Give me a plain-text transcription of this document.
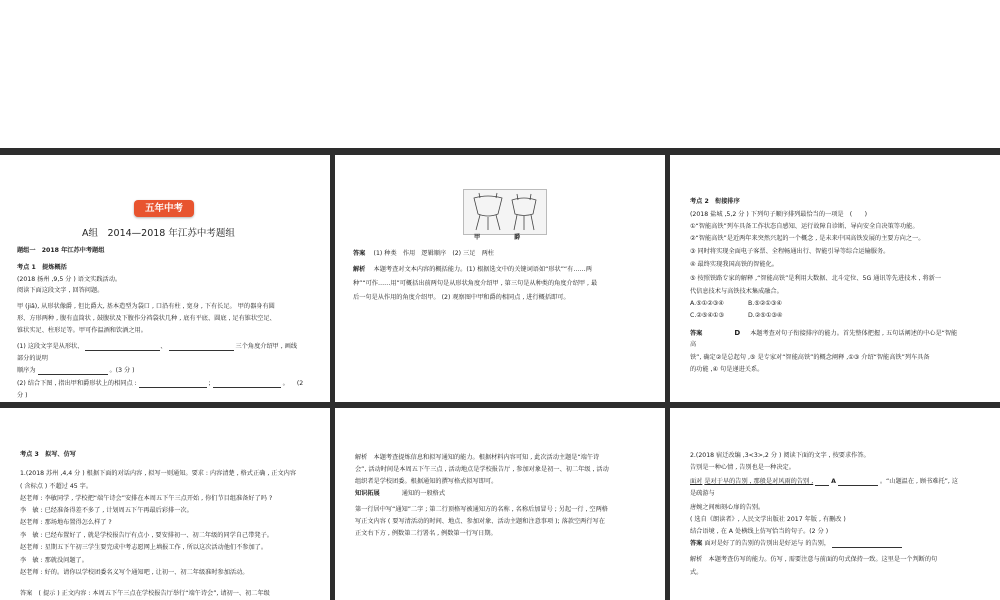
五年中考
A组　2014—2018 年江苏中考题组
题组一　2018 年江苏中考题组
考点 1　提炼概括
(2018 扬州 ,9,5 分 ) 语文实践活动。
阅读下面这段文字 , 回答问题。
甲 (jiǎ), 从形状像爵 , 但比爵大, 基本造型为袋口 , 口沿有柱 , 宽身 , 下有长足。 甲的器身有圆
形、方形两种 , 腹有直筒状 , 鼓腹状及下腹作分裆袋状几种 , 底有平底、圆底 , 足有锥状空足、
锥状实足、柱形足等。甲可作温酒和饮酒之用。
(1) 这段文字是从形状、	、	三个角度介绍甲 , 画线
部分的说明
顺序为	。(3 分 )
(2) 结合下图 , 指出甲和爵形状上的相同点 :	;	。 (2
分 )
甲	爵
答案　 (1) 种类　作用　逻辑顺序　(2) 三足　两柱
解析　 本题考查对文本内容的概括能力。(1) 根据选文中的关键词语如“形状”“有……两
种”“可作……用”可概括出前两句是从形状角度介绍甲 , 第三句是从种类的角度介绍甲 , 最
后一句是从作用的角度介绍甲。 (2) 观察图中甲和爵的相同点 , 进行概括即可。
考点 2　衔接排序
(2018 盐城 ,5,2 分 ) 下列句子顺序排列最恰当的一项是　(　　)
①“智能高铁”列车具备工作状态自感知、运行故障自诊断、导向安全自决策等功能。
②“智能高铁”是近两年来突然兴起的一个概念 , 是未来中国高铁发展的主要方向之一。
③ 同时将实现全面电子客票、全程畅通出行、智能引导等综合运输服务。
④ 最终实现我国高铁的智能化。
⑤ 按照铁路专家的解释 ,“智能高铁”是利用大数据、北斗定位、5G 通讯等先进技术 , 将新一
代信息技术与高铁技术集成融合。
A.⑤①②③④	B.⑤②①③④
C.②⑤④①③	D.②⑤①③④
答案	D 本题考查对句子衔接排序的能力。首先整体把握 , 五句话阐述的中心是“智能
高
铁”, 确定②是总起句 ,⑤ 是专家对“智能高铁”的概念阐释 ,①③ 介绍“智能高铁”列车具备
的功能 ,④ 句是递进关系。
考点 3　拟写、仿写
1.(2018 苏州 ,4,4 分 ) 根据下面的对话内容 , 拟写一则通知。要求 : 内容清楚 , 格式正确 , 正文内容
( 含标点 ) 不超过 45 字。
赵老师 : 李敏同学 , 学校把“端午诗会”安排在本周五下午三点开始 , 你们节目组准备好了吗 ?
李　敏 : 已经准备得差不多了 , 计划周五下午再最后彩排一次。
赵老师 : 那场地布置得怎么样了 ?
李　敏 : 已经布置好了 , 就是学校报告厅有点小 , 要安排初一、初二年级的同学自己带凳子。
赵老师 : 星期五下午初三学生要完成中考志愿网上填报工作 , 所以这次活动他们不参加了。
李　敏 : 那就没问题了。
赵老师 : 好的。请你以学校团委名义写个通知吧 , 让初一、初二年级准时参加活动。
答案　( 提示 ) 正文内容 : 本周五下午三点在学校报告厅举行“端午诗会”, 请初一、初二年级
解析　本题考查提炼信息和拟写通知的能力。根据材料内容可知 , 此次活动主题是“端午诗
会”, 活动时间是本周五下午三点 , 活动地点是学校报告厅 , 参加对象是初一、初二年级 , 活动
组织者是学校团委。根据通知的撰写格式拟写即可。
知识拓展	通知的一般格式
第一行居中写“通知”二字 ; 第二行顶格写被通知方的名称 , 名称后加冒号 ; 另起一行 , 空两格
写正文内容 ( 要写清活动的时间、地点、参加对象、活动主题和注意事项 ); 落款空两行写在
正文右下方 , 例数第二行署名 , 例数第一行写日期。
2.(2018 宿迁改编 ,3<3>,2 分 ) 阅读下面的文字 , 按要求作答。
告别是一种心情 , 告别也是一种决定。
面对 是对于早的告别 , 那般是对风雨的告别 ,	A	。“山题温在 , 顾书难托”, 这
是疏游与
唐婉之间痴刻心扉的告别。
( 选自《朗读者》, 人民文学出版社 2017 年版 , 有删改 )
结合语境 , 在 A 处横线上仿写恰当的句子。(2 分 )
答案 面对是好了的告别的告别出是好运与 的告别，
解析　本题考查仿写的能力。仿写 , 需要注意与前面的句式保持一致。这里是一个判断的句
式。
